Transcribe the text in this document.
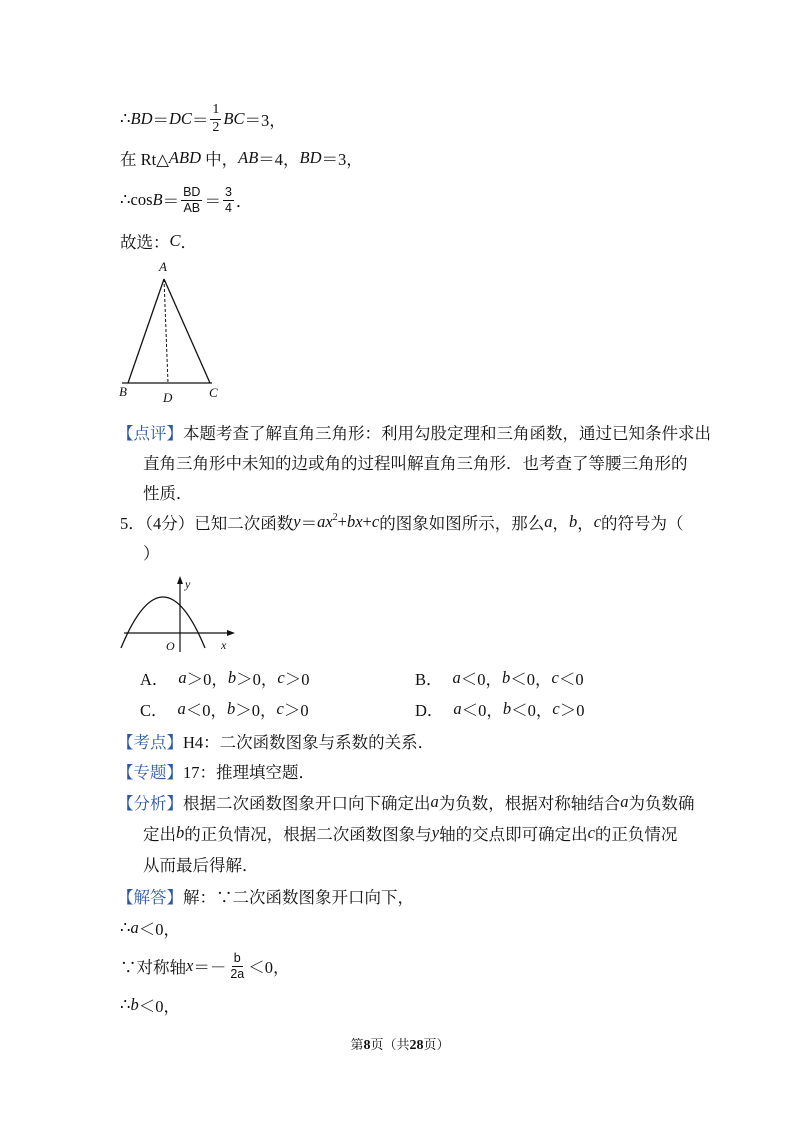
∴ BD ＝ DC ＝ $\frac{1}{2}$ BC ＝3，
在 Rt△ ABD 中， AB ＝4， BD ＝3，
∴cos $B = \frac{BD}{AB} = \frac{3}{4}$ ．
故选： C ．
A
B	D	C
【点评】 本题考查了解直角三角形：利用勾股定理和三角函数，通过已知条件求出
直角三角形中未知的边或角的过程叫解直角三角形．也考查了等腰三角形的
性质．
5．（4分）已知二次函数 $y = ax^2$ + bx + c 的图象如图所示，那么 a ， b ， c 的符号为（
）
y
x
O
A． a ＞0， b ＞0， c ＞0	B． a ＜0， b ＜0， c ＜0
C． a ＜0， b ＞0， c ＞0	D． a ＜0， b ＜0， c ＞0
【考点】 H4：二次函数图象与系数的关系．
【专题】 17：推理填空题．
【分析】 根据二次函数图象开口向下确定出 a 为负数，根据对称轴结合 a 为负数确
定出 b 的正负情况，根据二次函数图象与 y 轴的交点即可确定出 c 的正负情况
从而最后得解．
【解答】 解：∵二次函数图象开口向下，
∴ a ＜0，
∵对称轴 $x =- \frac{b}{2a} <0$，
∴ b ＜0，
第8页（共28页）
